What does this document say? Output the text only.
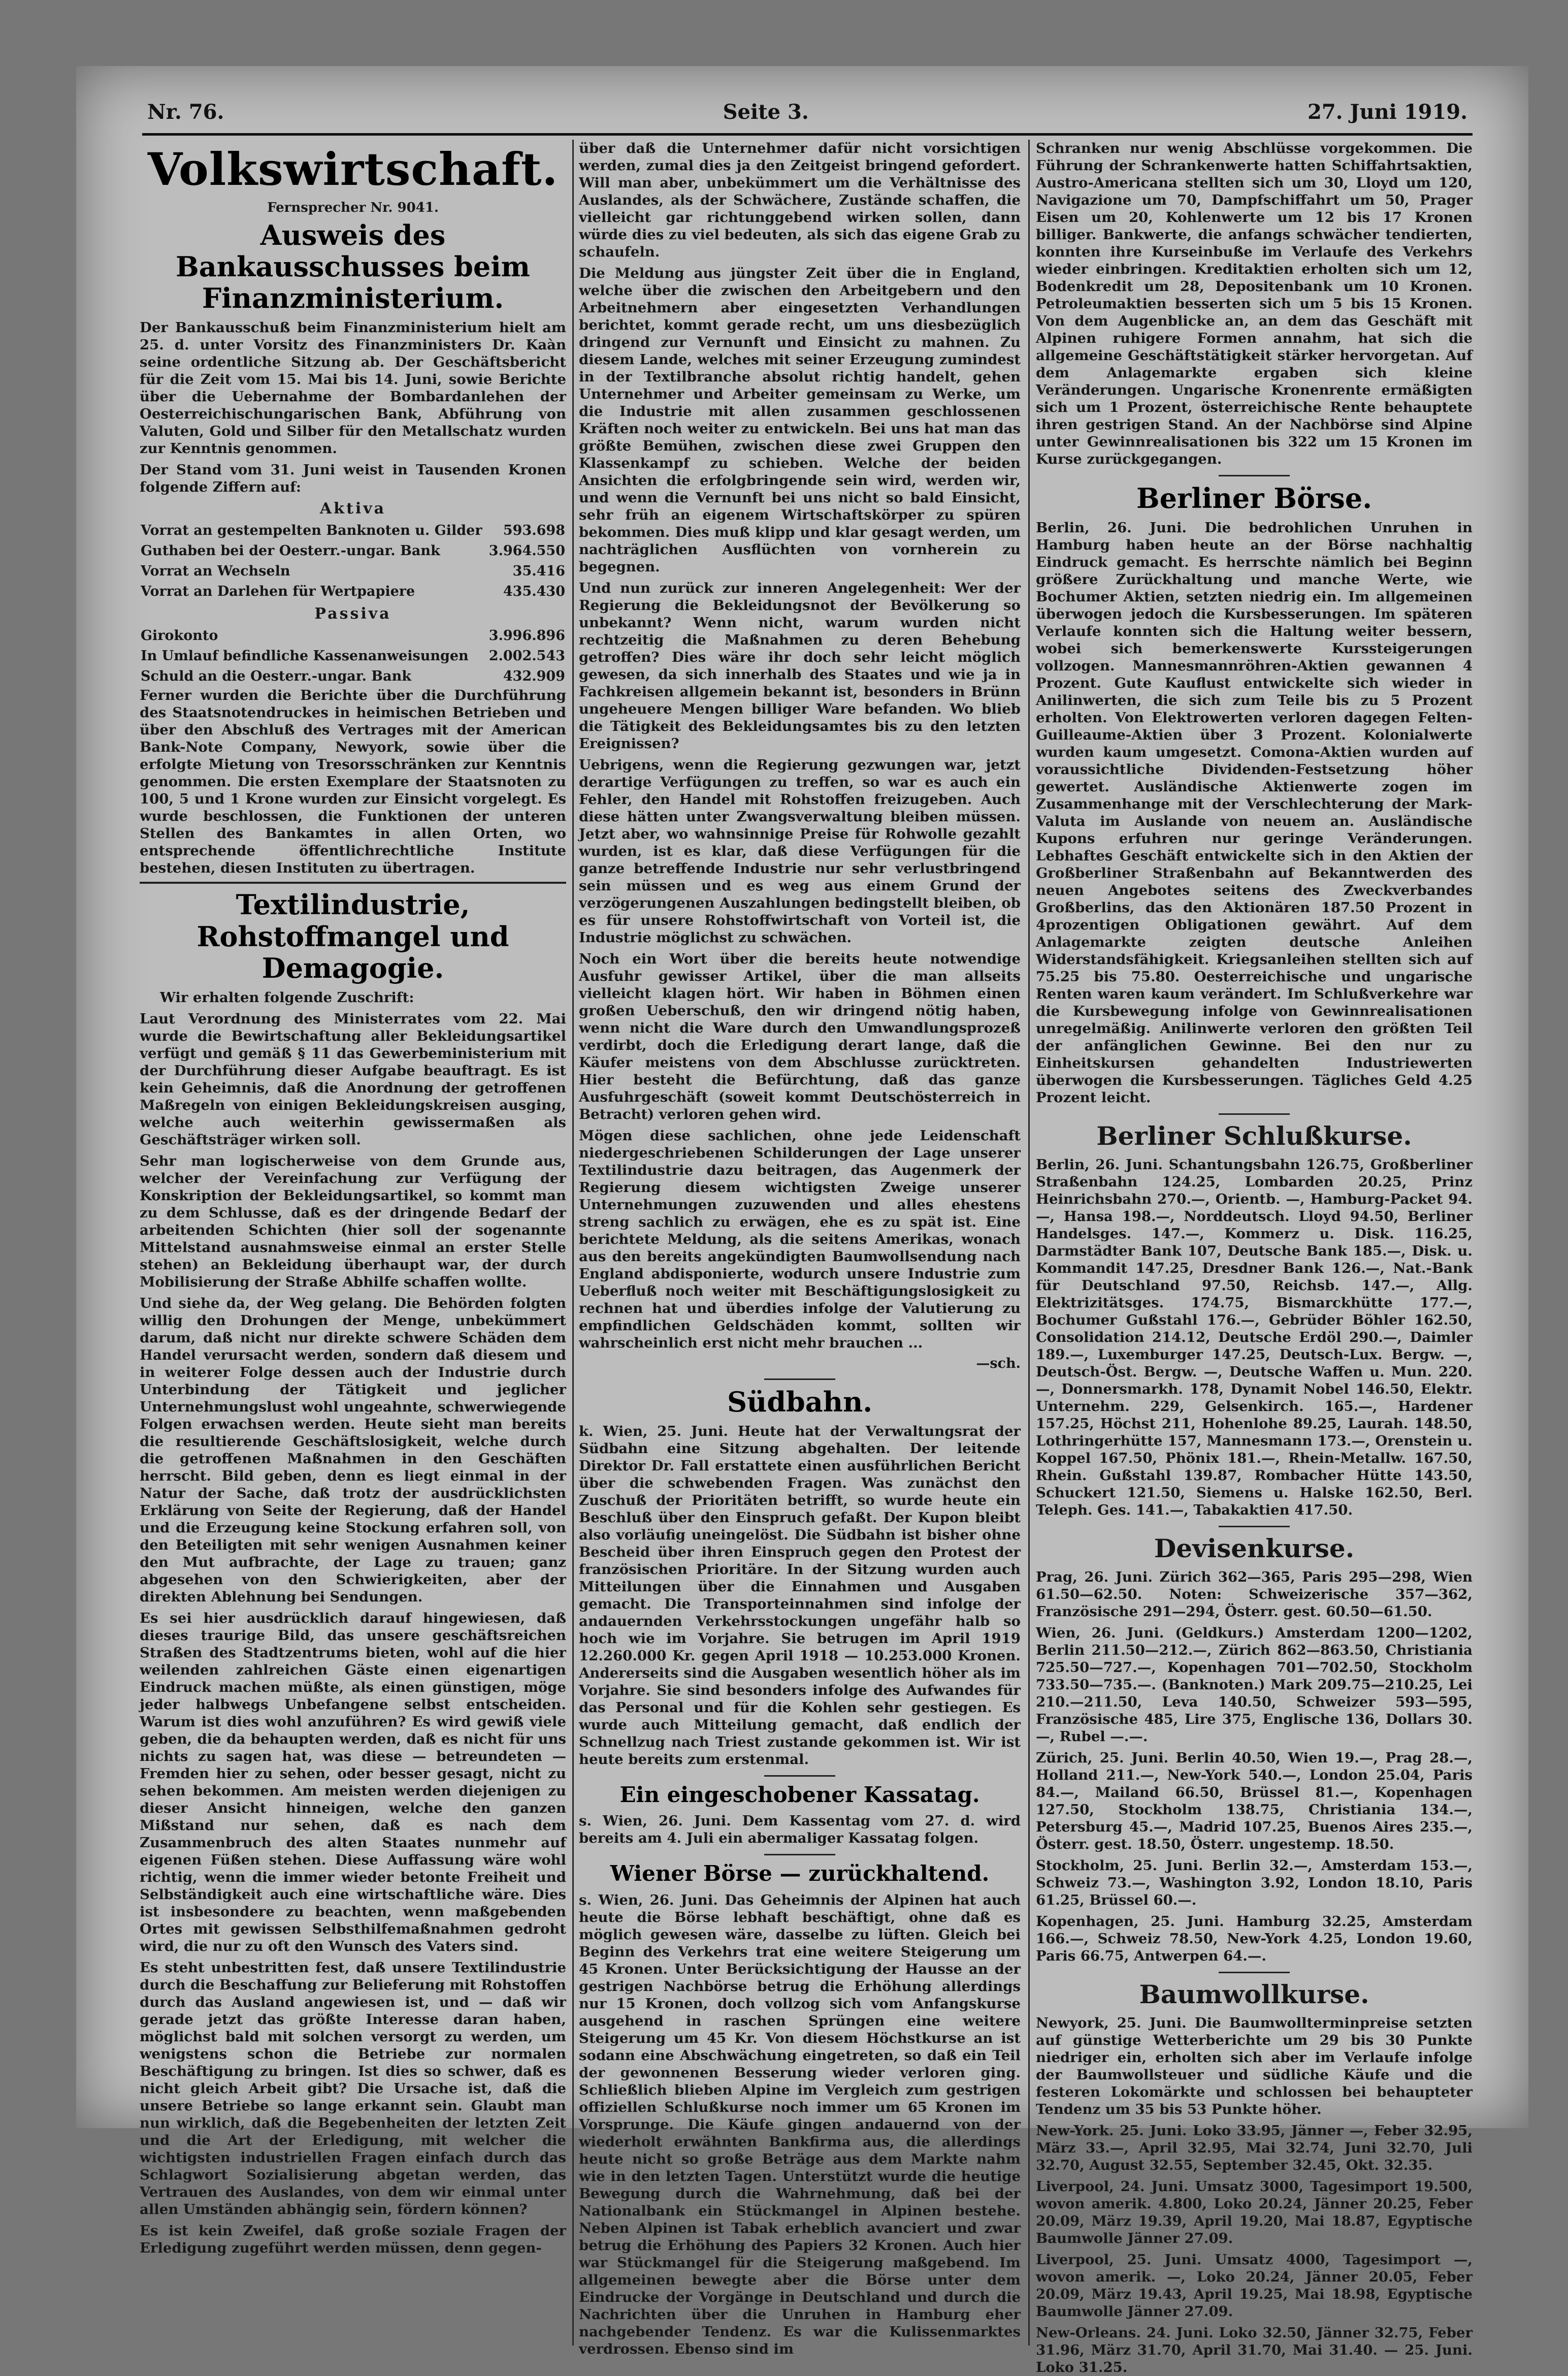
Nr. 76.	Seite 3.	27. Juni 1919.
Volkswirtschaft.
Fernsprecher Nr. 9041.
Ausweis des Bankausschusses beim Finanzministerium.

Der Bankausschuß beim Finanzministerium hielt am 25. d. unter Vorsitz des Finanzministers Dr. Kaàn seine ordentliche Sitzung ab. Der Geschäftsbericht für die Zeit vom 15. Mai bis 14. Juni, sowie Berichte über die Uebernahme der Bombardanlehen der Oesterreichischungarischen Bank, Abführung von Valuten, Gold und Silber für den Metallschatz wurden zur Kenntnis genommen.

Der Stand vom 31. Juni weist in Tausenden Kronen folgende Ziffern auf:

Aktiva
Vorrat an gestempelten Banknoten u. Gilder	593.698
Guthaben bei der Oesterr.-ungar. Bank	3.964.550
Vorrat an Wechseln	35.416
Vorrat an Darlehen für Wertpapiere	435.430
Passiva
Girokonto	3.996.896
In Umlauf befindliche Kassenanweisungen	2.002.543
Schuld an die Oesterr.-ungar. Bank	432.909

Ferner wurden die Berichte über die Durchführung des Staatsnotendruckes in heimischen Betrieben und über den Abschluß des Vertrages mit der American Bank-Note Company, Newyork, sowie über die erfolgte Mietung von Tresorsschränken zur Kenntnis genommen. Die ersten Exemplare der Staatsnoten zu 100, 5 und 1 Krone wurden zur Einsicht vorgelegt. Es wurde beschlossen, die Funktionen der unteren Stellen des Bankamtes in allen Orten, wo entsprechende öffentlichrechtliche Institute bestehen, diesen Instituten zu übertragen.

Textilindustrie, Rohstoffmangel und Demagogie.

Wir erhalten folgende Zuschrift:

Laut Verordnung des Ministerrates vom 22. Mai wurde die Bewirtschaftung aller Bekleidungsartikel verfügt und gemäß § 11 das Gewerbeministerium mit der Durchführung dieser Aufgabe beauftragt. Es ist kein Geheimnis, daß die Anordnung der getroffenen Maßregeln von einigen Bekleidungskreisen ausging, welche auch weiterhin gewissermaßen als Geschäftsträger wirken soll.

Sehr man logischerweise von dem Grunde aus, welcher der Vereinfachung zur Verfügung der Konskription der Bekleidungsartikel, so kommt man zu dem Schlusse, daß es der dringende Bedarf der arbeitenden Schichten (hier soll der sogenannte Mittelstand ausnahmsweise einmal an erster Stelle stehen) an Bekleidung überhaupt war, der durch Mobilisierung der Straße Abhilfe schaffen wollte.

Und siehe da, der Weg gelang. Die Behörden folgten willig den Drohungen der Menge, unbekümmert darum, daß nicht nur direkte schwere Schäden dem Handel verursacht werden, sondern daß diesem und in weiterer Folge dessen auch der Industrie durch Unterbindung der Tätigkeit und jeglicher Unternehmungslust wohl ungeahnte, schwerwiegende Folgen erwachsen werden. Heute sieht man bereits die resultierende Geschäftslosigkeit, welche durch die getroffenen Maßnahmen in den Geschäften herrscht. Bild geben, denn es liegt einmal in der Natur der Sache, daß trotz der ausdrücklichsten Erklärung von Seite der Regierung, daß der Handel und die Erzeugung keine Stockung erfahren soll, von den Beteiligten mit sehr wenigen Ausnahmen keiner den Mut aufbrachte, der Lage zu trauen; ganz abgesehen von den Schwierigkeiten, aber der direkten Ablehnung bei Sendungen.

Es sei hier ausdrücklich darauf hingewiesen, daß dieses traurige Bild, das unsere geschäftsreichen Straßen des Stadtzentrums bieten, wohl auf die hier weilenden zahlreichen Gäste einen eigenartigen Eindruck machen müßte, als einen günstigen, möge jeder halbwegs Unbefangene selbst entscheiden. Warum ist dies wohl anzuführen? Es wird gewiß viele geben, die da behaupten werden, daß es nicht für uns nichts zu sagen hat, was diese — betreundeten — Fremden hier zu sehen, oder besser gesagt, nicht zu sehen bekommen. Am meisten werden diejenigen zu dieser Ansicht hinneigen, welche den ganzen Mißstand nur sehen, daß es nach dem Zusammenbruch des alten Staates nunmehr auf eigenen Füßen stehen. Diese Auffassung wäre wohl richtig, wenn die immer wieder betonte Freiheit und Selbständigkeit auch eine wirtschaftliche wäre. Dies ist insbesondere zu beachten, wenn maßgebenden Ortes mit gewissen Selbsthilfemaßnahmen gedroht wird, die nur zu oft den Wunsch des Vaters sind.

Es steht unbestritten fest, daß unsere Textilindustrie durch die Beschaffung zur Belieferung mit Rohstoffen durch das Ausland angewiesen ist, und — daß wir gerade jetzt das größte Interesse daran haben, möglichst bald mit solchen versorgt zu werden, um wenigstens schon die Betriebe zur normalen Beschäftigung zu bringen. Ist dies so schwer, daß es nicht gleich Arbeit gibt? Die Ursache ist, daß die unsere Betriebe so lange erkannt sein. Glaubt man nun wirklich, daß die Begebenheiten der letzten Zeit und die Art der Erledigung, mit welcher die wichtigsten industriellen Fragen einfach durch das Schlagwort Sozialisierung abgetan werden, das Vertrauen des Auslandes, von dem wir einmal unter allen Umständen abhängig sein, fördern können?

Es ist kein Zweifel, daß große soziale Fragen der Erledigung zugeführt werden müssen, denn gegen-

über daß die Unternehmer dafür nicht vorsichtigen werden, zumal dies ja den Zeitgeist bringend gefordert. Will man aber, unbekümmert um die Verhältnisse des Auslandes, als der Schwächere, Zustände schaffen, die vielleicht gar richtunggebend wirken sollen, dann würde dies zu viel bedeuten, als sich das eigene Grab zu schaufeln.

Die Meldung aus jüngster Zeit über die in England, welche über die zwischen den Arbeitgebern und den Arbeitnehmern aber eingesetzten Verhandlungen berichtet, kommt gerade recht, um uns diesbezüglich dringend zur Vernunft und Einsicht zu mahnen. Zu diesem Lande, welches mit seiner Erzeugung zumindest in der Textilbranche absolut richtig handelt, gehen Unternehmer und Arbeiter gemeinsam zu Werke, um die Industrie mit allen zusammen geschlossenen Kräften noch weiter zu entwickeln. Bei uns hat man das größte Bemühen, zwischen diese zwei Gruppen den Klassenkampf zu schieben. Welche der beiden Ansichten die erfolgbringende sein wird, werden wir, und wenn die Vernunft bei uns nicht so bald Einsicht, sehr früh an eigenem Wirtschaftskörper zu spüren bekommen. Dies muß klipp und klar gesagt werden, um nachträglichen Ausflüchten von vornherein zu begegnen.

Und nun zurück zur inneren Angelegenheit: Wer der Regierung die Bekleidungsnot der Bevölkerung so unbekannt? Wenn nicht, warum wurden nicht rechtzeitig die Maßnahmen zu deren Behebung getroffen? Dies wäre ihr doch sehr leicht möglich gewesen, da sich innerhalb des Staates und wie ja in Fachkreisen allgemein bekannt ist, besonders in Brünn ungeheuere Mengen billiger Ware befanden. Wo blieb die Tätigkeit des Bekleidungsamtes bis zu den letzten Ereignissen?

Uebrigens, wenn die Regierung gezwungen war, jetzt derartige Verfügungen zu treffen, so war es auch ein Fehler, den Handel mit Rohstoffen freizugeben. Auch diese hätten unter Zwangsverwaltung bleiben müssen. Jetzt aber, wo wahnsinnige Preise für Rohwolle gezahlt wurden, ist es klar, daß diese Verfügungen für die ganze betreffende Industrie nur sehr verlustbringend sein müssen und es weg aus einem Grund der verzögerungenen Auszahlungen bedingstellt bleiben, ob es für unsere Rohstoffwirtschaft von Vorteil ist, die Industrie möglichst zu schwächen.

Noch ein Wort über die bereits heute notwendige Ausfuhr gewisser Artikel, über die man allseits vielleicht klagen hört. Wir haben in Böhmen einen großen Ueberschuß, den wir dringend nötig haben, wenn nicht die Ware durch den Umwandlungsprozeß verdirbt, doch die Erledigung derart lange, daß die Käufer meistens von dem Abschlusse zurücktreten. Hier besteht die Befürchtung, daß das ganze Ausfuhrgeschäft (soweit kommt Deutschösterreich in Betracht) verloren gehen wird.

Mögen diese sachlichen, ohne jede Leidenschaft niedergeschriebenen Schilderungen der Lage unserer Textilindustrie dazu beitragen, das Augenmerk der Regierung diesem wichtigsten Zweige unserer Unternehmungen zuzuwenden und alles ehestens streng sachlich zu erwägen, ehe es zu spät ist. Eine berichtete Meldung, als die seitens Amerikas, wonach aus den bereits angekündigten Baumwollsendung nach England abdisponierte, wodurch unsere Industrie zum Ueberfluß noch weiter mit Beschäftigungslosigkeit zu rechnen hat und überdies infolge der Valutierung zu empfindlichen Geldschäden kommt, sollten wir wahrscheinlich erst nicht mehr brauchen ...

—sch.
Südbahn.

k. Wien, 25. Juni. Heute hat der Verwaltungsrat der Südbahn eine Sitzung abgehalten. Der leitende Direktor Dr. Fall erstattete einen ausführlichen Bericht über die schwebenden Fragen. Was zunächst den Zuschuß der Prioritäten betrifft, so wurde heute ein Beschluß über den Einspruch gefaßt. Der Kupon bleibt also vorläufig uneingelöst. Die Südbahn ist bisher ohne Bescheid über ihren Einspruch gegen den Protest der französischen Prioritäre. In der Sitzung wurden auch Mitteilungen über die Einnahmen und Ausgaben gemacht. Die Transporteinnahmen sind infolge der andauernden Verkehrsstockungen ungefähr halb so hoch wie im Vorjahre. Sie betrugen im April 1919 12.260.000 Kr. gegen April 1918 — 10.253.000 Kronen. Andererseits sind die Ausgaben wesentlich höher als im Vorjahre. Sie sind besonders infolge des Aufwandes für das Personal und für die Kohlen sehr gestiegen. Es wurde auch Mitteilung gemacht, daß endlich der Schnellzug nach Triest zustande gekommen ist. Wir ist heute bereits zum erstenmal.

Ein eingeschobener Kassatag.

s. Wien, 26. Juni. Dem Kassentag vom 27. d. wird bereits am 4. Juli ein abermaliger Kassatag folgen.

Wiener Börse — zurückhaltend.

s. Wien, 26. Juni. Das Geheimnis der Alpinen hat auch heute die Börse lebhaft beschäftigt, ohne daß es möglich gewesen wäre, dasselbe zu lüften. Gleich bei Beginn des Verkehrs trat eine weitere Steigerung um 45 Kronen. Unter Berücksichtigung der Hausse an der gestrigen Nachbörse betrug die Erhöhung allerdings nur 15 Kronen, doch vollzog sich vom Anfangskurse ausgehend in raschen Sprüngen eine weitere Steigerung um 45 Kr. Von diesem Höchstkurse an ist sodann eine Abschwächung eingetreten, so daß ein Teil der gewonnenen Besserung wieder verloren ging. Schließlich blieben Alpine im Vergleich zum gestrigen offiziellen Schlußkurse noch immer um 65 Kronen im Vorsprunge. Die Käufe gingen andauernd von der wiederholt erwähnten Bankfirma aus, die allerdings heute nicht so große Beträge aus dem Markte nahm wie in den letzten Tagen. Unterstützt wurde die heutige Bewegung durch die Wahrnehmung, daß bei der Nationalbank ein Stückmangel in Alpinen bestehe. Neben Alpinen ist Tabak erheblich avanciert und zwar betrug die Erhöhung des Papiers 32 Kronen. Auch hier war Stückmangel für die Steigerung maßgebend. Im allgemeinen bewegte aber die Börse unter dem Eindrucke der Vorgänge in Deutschland und durch die Nachrichten über die Unruhen in Hamburg eher nachgebender Tendenz. Es war die Kulissenmarktes verdrossen. Ebenso sind im

Schranken nur wenig Abschlüsse vorgekommen. Die Führung der Schrankenwerte hatten Schiffahrtsaktien, Austro-Americana stellten sich um 30, Lloyd um 120, Navigazione um 70, Dampfschiffahrt um 50, Prager Eisen um 20, Kohlenwerte um 12 bis 17 Kronen billiger. Bankwerte, die anfangs schwächer tendierten, konnten ihre Kurseinbuße im Verlaufe des Verkehrs wieder einbringen. Kreditaktien erholten sich um 12, Bodenkredit um 28, Depositenbank um 10 Kronen. Petroleumaktien besserten sich um 5 bis 15 Kronen. Von dem Augenblicke an, an dem das Geschäft mit Alpinen ruhigere Formen annahm, hat sich die allgemeine Geschäftstätigkeit stärker hervorgetan. Auf dem Anlagemarkte ergaben sich kleine Veränderungen. Ungarische Kronenrente ermäßigten sich um 1 Prozent, österreichische Rente behauptete ihren gestrigen Stand. An der Nachbörse sind Alpine unter Gewinnrealisationen bis 322 um 15 Kronen im Kurse zurückgegangen.

Berliner Börse.

Berlin, 26. Juni. Die bedrohlichen Unruhen in Hamburg haben heute an der Börse nachhaltig Eindruck gemacht. Es herrschte nämlich bei Beginn größere Zurückhaltung und manche Werte, wie Bochumer Aktien, setzten niedrig ein. Im allgemeinen überwogen jedoch die Kursbesserungen. Im späteren Verlaufe konnten sich die Haltung weiter bessern, wobei sich bemerkenswerte Kurssteigerungen vollzogen. Mannesmannröhren-Aktien gewannen 4 Prozent. Gute Kauflust entwickelte sich wieder in Anilinwerten, die sich zum Teile bis zu 5 Prozent erholten. Von Elektrowerten verloren dagegen Felten-Guilleaume-Aktien über 3 Prozent. Kolonialwerte wurden kaum umgesetzt. Comona-Aktien wurden auf voraussichtliche Dividenden-Festsetzung höher gewertet. Ausländische Aktienwerte zogen im Zusammenhange mit der Verschlechterung der Mark-Valuta im Auslande von neuem an. Ausländische Kupons erfuhren nur geringe Veränderungen. Lebhaftes Geschäft entwickelte sich in den Aktien der Großberliner Straßenbahn auf Bekanntwerden des neuen Angebotes seitens des Zweckverbandes Großberlins, das den Aktionären 187.50 Prozent in 4prozentigen Obligationen gewährt. Auf dem Anlagemarkte zeigten deutsche Anleihen Widerstandsfähigkeit. Kriegsanleihen stellten sich auf 75.25 bis 75.80. Oesterreichische und ungarische Renten waren kaum verändert. Im Schlußverkehre war die Kursbewegung infolge von Gewinnrealisationen unregelmäßig. Anilinwerte verloren den größten Teil der anfänglichen Gewinne. Bei den nur zu Einheitskursen gehandelten Industriewerten überwogen die Kursbesserungen. Tägliches Geld 4.25 Prozent leicht.

Berliner Schlußkurse.

Berlin, 26. Juni. Schantungsbahn 126.75, Großberliner Straßenbahn 124.25, Lombarden 20.25, Prinz Heinrichsbahn 270.—, Orientb. —, Hamburg-Packet 94.—, Hansa 198.—, Norddeutsch. Lloyd 94.50, Berliner Handelsges. 147.—, Kommerz u. Disk. 116.25, Darmstädter Bank 107, Deutsche Bank 185.—, Disk. u. Kommandit 147.25, Dresdner Bank 126.—, Nat.-Bank für Deutschland 97.50, Reichsb. 147.—, Allg. Elektrizitätsges. 174.75, Bismarckhütte 177.—, Bochumer Gußstahl 176.—, Gebrüder Böhler 162.50, Consolidation 214.12, Deutsche Erdöl 290.—, Daimler 189.—, Luxemburger 147.25, Deutsch-Lux. Bergw. —, Deutsch-Öst. Bergw. —, Deutsche Waffen u. Mun. 220.—, Donnersmarkh. 178, Dynamit Nobel 146.50, Elektr. Unternehm. 229, Gelsenkirch. 165.—, Hardener 157.25, Höchst 211, Hohenlohe 89.25, Laurah. 148.50, Lothringerhütte 157, Mannesmann 173.—, Orenstein u. Koppel 167.50, Phönix 181.—, Rhein-Metallw. 167.50, Rhein. Gußstahl 139.87, Rombacher Hütte 143.50, Schuckert 121.50, Siemens u. Halske 162.50, Berl. Teleph. Ges. 141.—, Tabakaktien 417.50.

Devisenkurse.

Prag, 26. Juni. Zürich 362—365, Paris 295—298, Wien 61.50—62.50. Noten: Schweizerische 357—362, Französische 291—294, Österr. gest. 60.50—61.50.

Wien, 26. Juni. (Geldkurs.) Amsterdam 1200—1202, Berlin 211.50—212.—, Zürich 862—863.50, Christiania 725.50—727.—, Kopenhagen 701—702.50, Stockholm 733.50—735.—. (Banknoten.) Mark 209.75—210.25, Lei 210.—211.50, Leva 140.50, Schweizer 593—595, Französische 485, Lire 375, Englische 136, Dollars 30.—, Rubel —.—.

Zürich, 25. Juni. Berlin 40.50, Wien 19.—, Prag 28.—, Holland 211.—, New-York 540.—, London 25.04, Paris 84.—, Mailand 66.50, Brüssel 81.—, Kopenhagen 127.50, Stockholm 138.75, Christiania 134.—, Petersburg 45.—, Madrid 107.25, Buenos Aires 235.—, Österr. gest. 18.50, Österr. ungestemp. 18.50.

Stockholm, 25. Juni. Berlin 32.—, Amsterdam 153.—, Schweiz 73.—, Washington 3.92, London 18.10, Paris 61.25, Brüssel 60.—.

Kopenhagen, 25. Juni. Hamburg 32.25, Amsterdam 166.—, Schweiz 78.50, New-York 4.25, London 19.60, Paris 66.75, Antwerpen 64.—.

Baumwollkurse.

Newyork, 25. Juni. Die Baumwollterminpreise setzten auf günstige Wetterberichte um 29 bis 30 Punkte niedriger ein, erholten sich aber im Verlaufe infolge der Baumwollsteuer und südliche Käufe und die festeren Lokomärkte und schlossen bei behaupteter Tendenz um 35 bis 53 Punkte höher.

New-York. 25. Juni. Loko 33.95, Jänner —, Feber 32.95, März 33.—, April 32.95, Mai 32.74, Juni 32.70, Juli 32.70, August 32.55, September 32.45, Okt. 32.35.

Liverpool, 24. Juni. Umsatz 3000, Tagesimport 19.500, wovon amerik. 4.800, Loko 20.24, Jänner 20.25, Feber 20.09, März 19.39, April 19.20, Mai 18.87, Egyptische Baumwolle Jänner 27.09.

Liverpool, 25. Juni. Umsatz 4000, Tagesimport —, wovon amerik. —, Loko 20.24, Jänner 20.05, Feber 20.09, März 19.43, April 19.25, Mai 18.98, Egyptische Baumwolle Jänner 27.09.

New-Orleans. 24. Juni. Loko 32.50, Jänner 32.75, Feber 31.96, März 31.70, April 31.70, Mai 31.40. — 25. Juni. Loko 31.25.
